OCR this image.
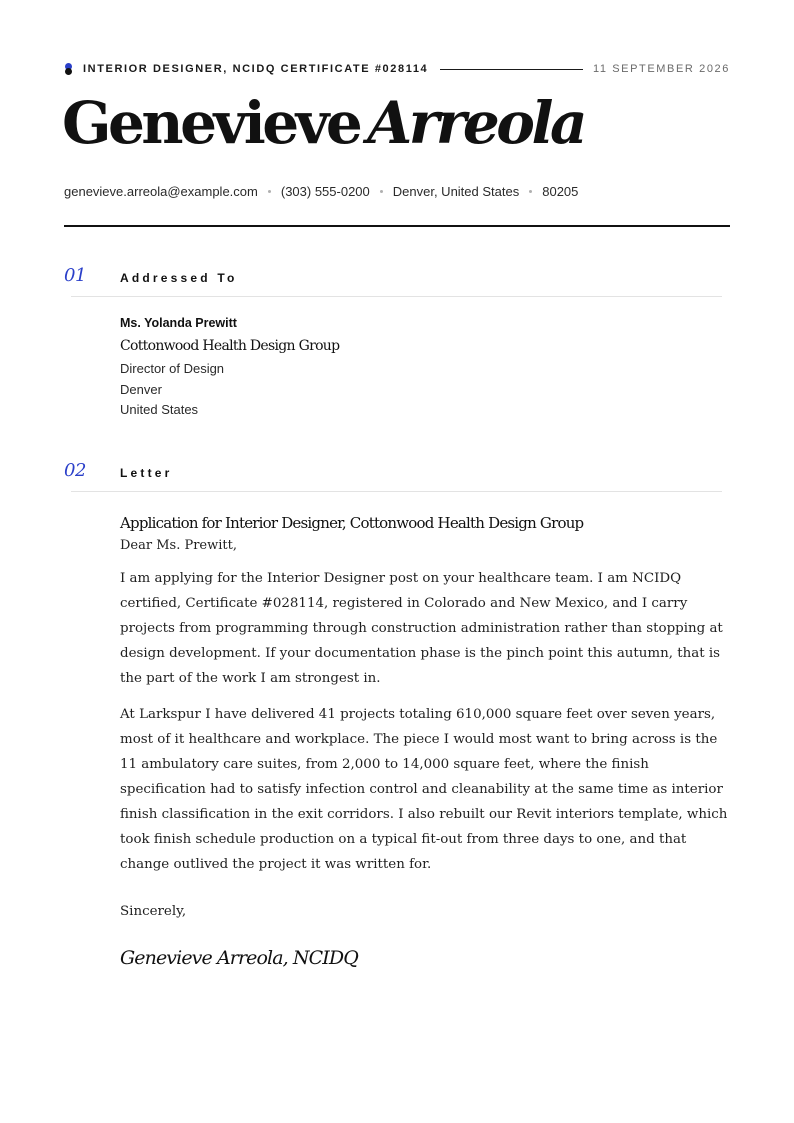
INTERIOR DESIGNER, NCIDQ CERTIFICATE #028114	11 SEPTEMBER 2026
Genevieve Arreola
genevieve.arreola@example.com (303) 555-0200 Denver, United States 80205
01	Addressed To
Ms. Yolanda Prewitt
Cottonwood Health Design Group
Director of Design
Denver
United States
02	Letter
Application for Interior Designer, Cottonwood Health Design Group
Dear Ms. Prewitt,

I am applying for the Interior Designer post on your healthcare team. I am NCIDQ certified, Certificate #028114, registered in Colorado and New Mexico, and I carry projects from programming through construction administration rather than stopping at design development. If your documentation phase is the pinch point this autumn, that is the part of the work I am strongest in.

At Larkspur I have delivered 41 projects totaling 610,000 square feet over seven years, most of it healthcare and workplace. The piece I would most want to bring across is the 11 ambulatory care suites, from 2,000 to 14,000 square feet, where the finish specification had to satisfy infection control and cleanability at the same time as interior finish classification in the exit corridors. I also rebuilt our Revit interiors template, which took finish schedule production on a typical fit-out from three days to one, and that change outlived the project it was written for.

Sincerely,
Genevieve Arreola, NCIDQ
